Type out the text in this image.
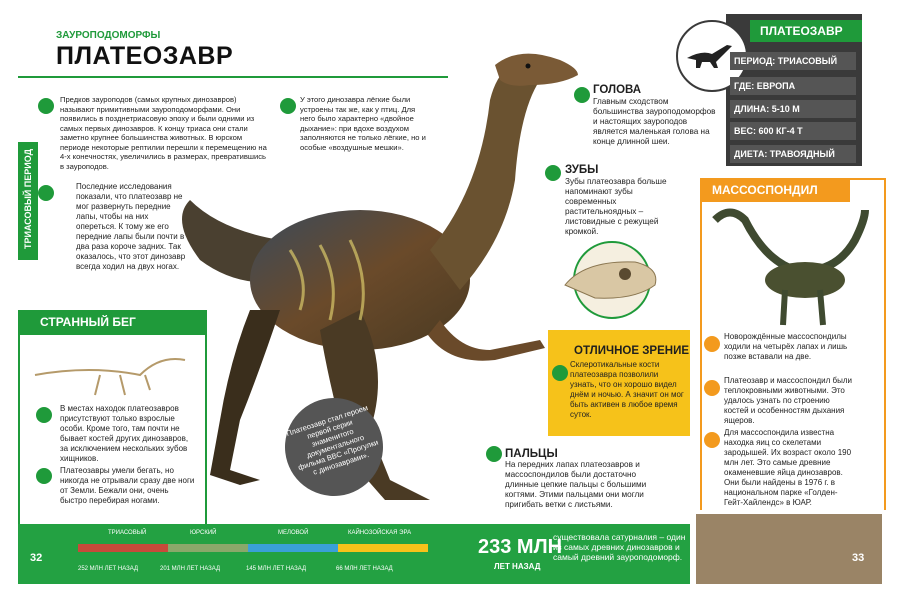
ЗАУРОПОДОМОРФЫ
ПЛАТЕОЗАВР
ТРИАСОВЫЙ ПЕРИОД
Предков зауроподов (самых крупных динозавров) называют примитивными зауроподоморфами. Они появились в позднетриасовую эпоху и были одними из самых первых динозавров. К концу триаса они стали заметно крупнее большинства животных. В юрском периоде некоторые рептилии перешли к перемещению на 4-х конечностях, увеличились в размерах, превратившись в зауроподов.
Последние исследования показали, что платеозавр не мог развернуть передние лапы, чтобы на них опереться. К тому же его передние лапы были почти в два раза короче задних. Так оказалось, что этот динозавр всегда ходил на двух ногах.
У этого динозавра лёгкие были устроены так же, как у птиц. Для него было характерно «двойное дыхание»: при вдохе воздухом заполняются не только лёгкие, но и особые «воздушные мешки».
ГОЛОВА
Главным сходством большинства зауроподоморфов и настоящих зауроподов является маленькая голова на конце длинной шеи.
ЗУБЫ
Зубы платеозавра больше напоминают зубы современных растительноядных – листовидные с режущей кромкой.
ОТЛИЧНОЕ ЗРЕНИЕ
Склеротикальные кости платеозавра позволили узнать, что он хорошо видел днём и ночью. А значит он мог быть активен в любое время суток.
ПАЛЬЦЫ
На передних лапах платеозавров и массоспондилов были достаточно длинные цепкие пальцы с большими когтями. Этими пальцами они могли пригибать ветки с листьями.
Платеозавр стал героем первой серии знаменитого документального фильма BBC «Прогулки с динозаврами».
СТРАННЫЙ БЕГ
В местах находок платеозавров присутствуют только взрослые особи. Кроме того, там почти не бывает костей других динозавров, за исключением нескольких зубов хищников.
Платеозавры умели бегать, но никогда не отрывали сразу две ноги от Земли. Бежали они, очень быстро перебирая ногами.
ПЛАТЕОЗАВР
ПЕРИОД: ТРИАСОВЫЙ
ГДЕ: ЕВРОПА
ДЛИНА: 5-10 М
ВЕС: 600 КГ-4 Т
ДИЕТА: ТРАВОЯДНЫЙ
МАССОСПОНДИЛ
Новорождённые массоспондилы ходили на четырёх лапах и лишь позже вставали на две.
Платеозавр и массоспондил были теплокровными животными. Это удалось узнать по строению костей и особенностям дыхания ящеров.
Для массоспондила известна находка яиц со скелетами зародышей. Их возраст около 190 млн лет. Это самые древние окаменевшие яйца динозавров. Они были найдены в 1976 г. в национальном парке «Голден-Гейт-Хайлендс» в ЮАР.
32	33
ТРИАСОВЫЙ	ЮРСКИЙ	МЕЛОВОЙ	КАЙНОЗОЙСКАЯ ЭРА
252 МЛН ЛЕТ НАЗАД	201 МЛН ЛЕТ НАЗАД	145 МЛН ЛЕТ НАЗАД	66 МЛН ЛЕТ НАЗАД
233 МЛН
ЛЕТ НАЗАД
существовала сатурналия – один из самых древних динозавров и самый древний зауроподоморф.
